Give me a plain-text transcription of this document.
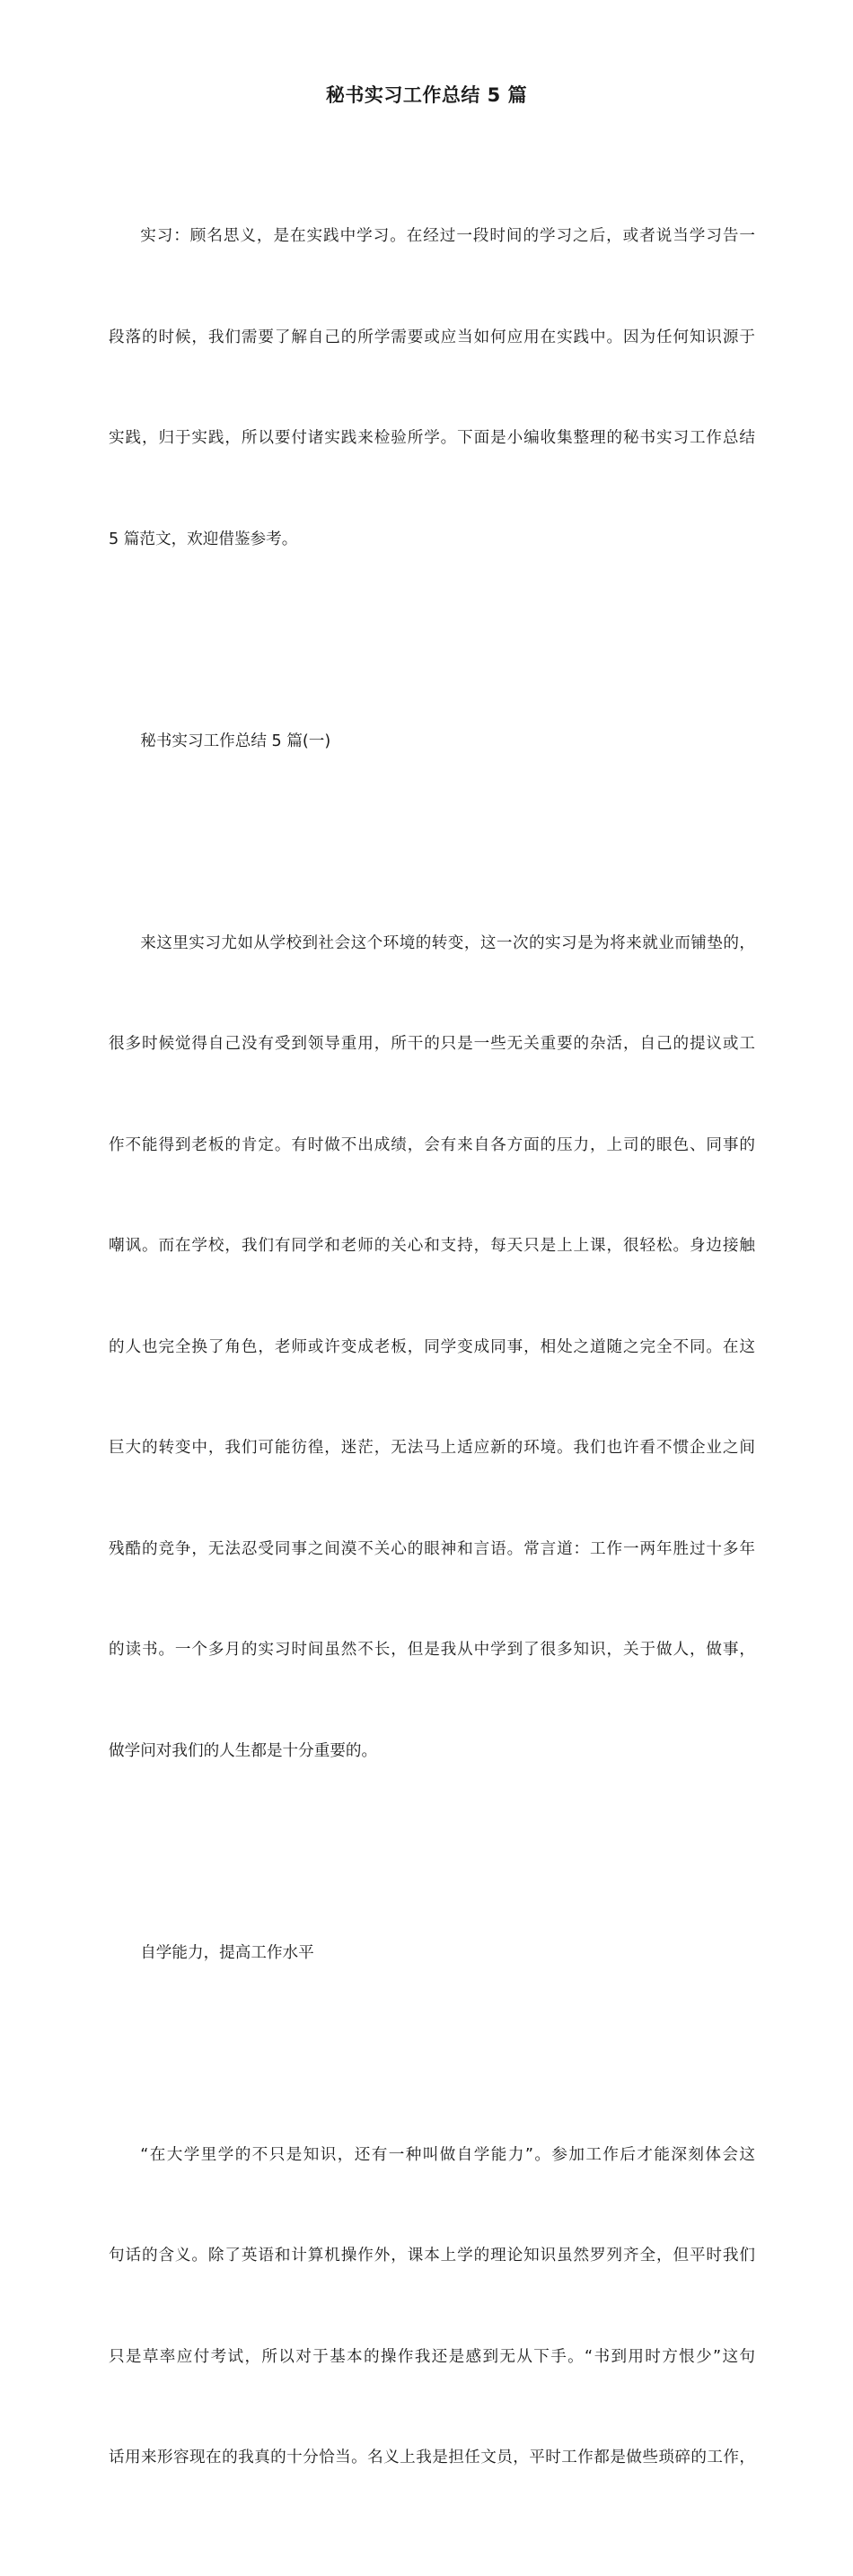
秘书实习工作总结 5 篇

实习：顾名思义，是在实践中学习。在经过一段时间的学习之后，或者说当学习告一

段落的时候，我们需要了解自己的所学需要或应当如何应用在实践中。因为任何知识源于

实践，归于实践，所以要付诸实践来检验所学。下面是小编收集整理的秘书实习工作总结

5 篇范文，欢迎借鉴参考。

秘书实习工作总结 5 篇(一)

来这里实习尤如从学校到社会这个环境的转变，这一次的实习是为将来就业而铺垫的，

很多时候觉得自己没有受到领导重用，所干的只是一些无关重要的杂活，自己的提议或工

作不能得到老板的肯定。有时做不出成绩，会有来自各方面的压力，上司的眼色、同事的

嘲讽。而在学校，我们有同学和老师的关心和支持，每天只是上上课，很轻松。身边接触

的人也完全换了角色，老师或许变成老板，同学变成同事，相处之道随之完全不同。在这

巨大的转变中，我们可能彷徨，迷茫，无法马上适应新的环境。我们也许看不惯企业之间

残酷的竞争，无法忍受同事之间漠不关心的眼神和言语。常言道：工作一两年胜过十多年

的读书。一个多月的实习时间虽然不长，但是我从中学到了很多知识，关于做人，做事，

做学问对我们的人生都是十分重要的。

自学能力，提高工作水平

“在大学里学的不只是知识，还有一种叫做自学能力”。参加工作后才能深刻体会这

句话的含义。除了英语和计算机操作外，课本上学的理论知识虽然罗列齐全，但平时我们

只是草率应付考试，所以对于基本的操作我还是感到无从下手。“书到用时方恨少”这句

话用来形容现在的我真的十分恰当。名义上我是担任文员，平时工作都是做些琐碎的工作，
